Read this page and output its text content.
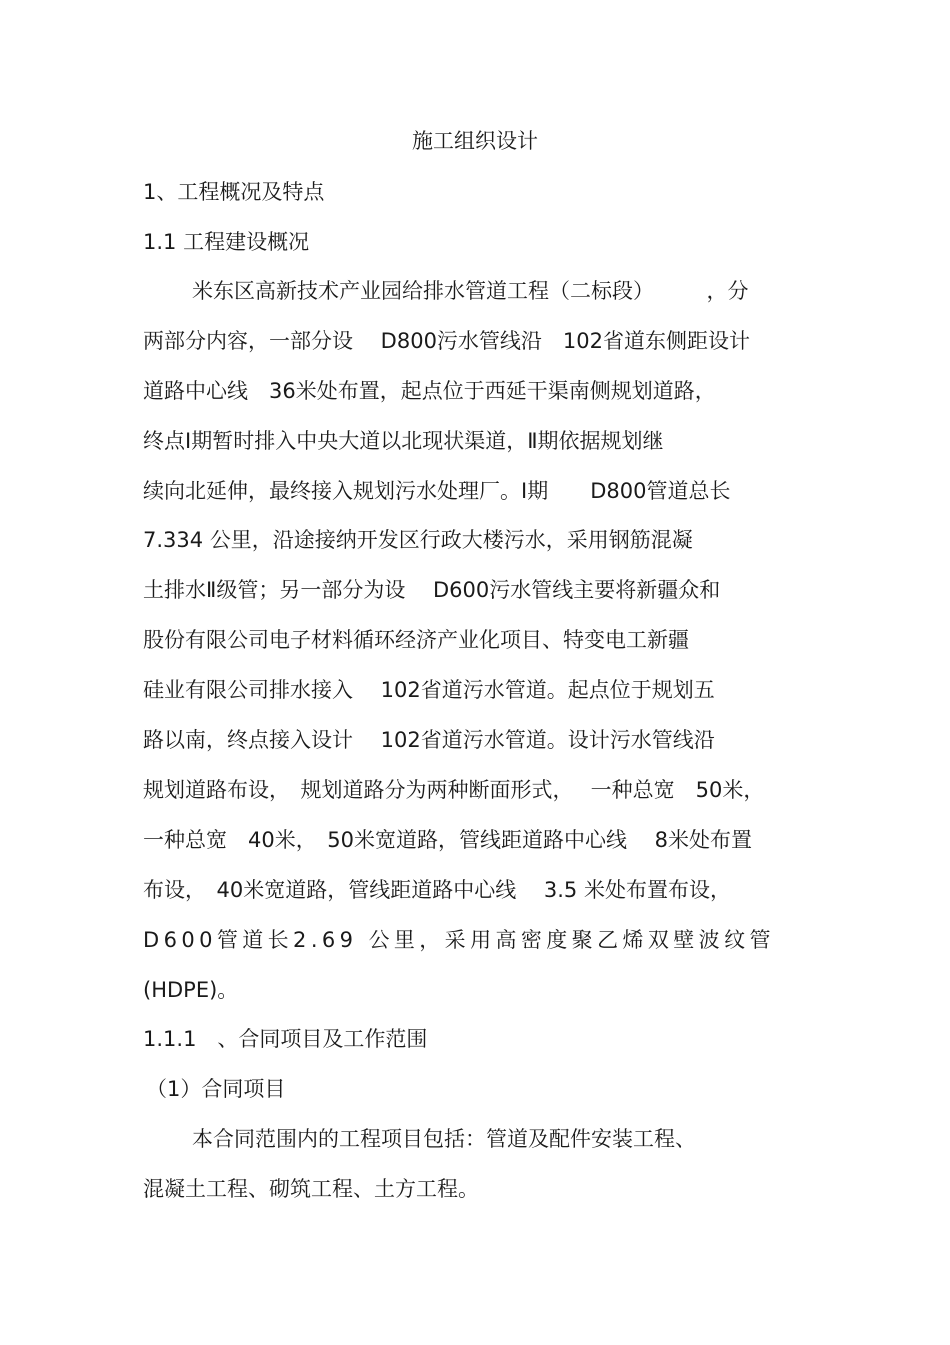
施工组织设计

1、工程概况及特点

1.1 工程建设概况

米东区高新技术产业园给排水管道工程（二标段）　　　，分

两部分内容，一部分设　 D800污水管线沿　102省道东侧距设计

道路中心线　36米处布置，起点位于西延干渠南侧规划道路，

终点Ⅰ期暂时排入中央大道以北现状渠道，Ⅱ期依据规划继

续向北延伸，最终接入规划污水处理厂。Ⅰ期　　D800管道总长

7.334 公里，沿途接纳开发区行政大楼污水，采用钢筋混凝

土排水Ⅱ级管；另一部分为设　 D600污水管线主要将新疆众和

股份有限公司电子材料循环经济产业化项目、特变电工新疆

硅业有限公司排水接入　 102省道污水管道。起点位于规划五

路以南，终点接入设计　 102省道污水管道。设计污水管线沿

规划道路布设，　规划道路分为两种断面形式，　 一种总宽　50米，

一种总宽　40米，　50米宽道路，管线距道路中心线　 8米处布置

布设，　40米宽道路，管线距道路中心线　 3.5 米处布置布设，

D600管道长2.69 公里，采用高密度聚乙烯双壁波纹管

(HDPE)。

1.1.1　、合同项目及工作范围

（1）合同项目

本合同范围内的工程项目包括：管道及配件安装工程、

混凝土工程、砌筑工程、土方工程。
